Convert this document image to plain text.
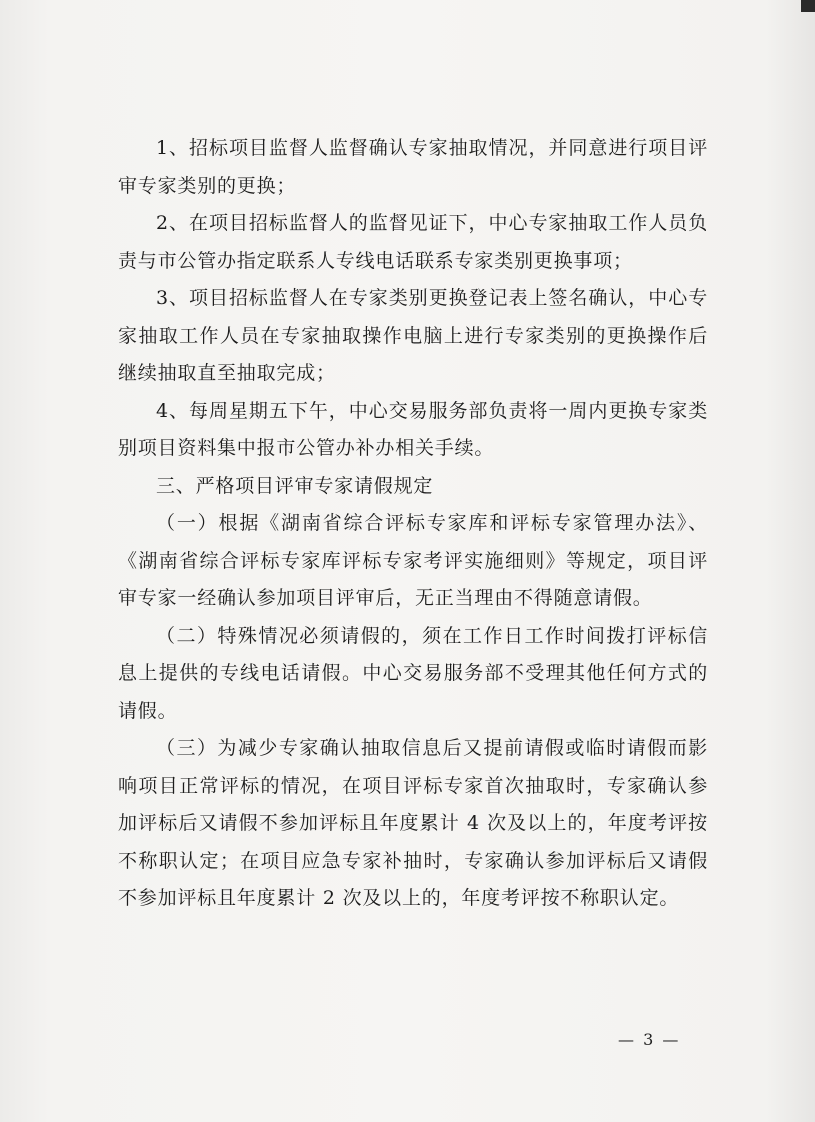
1、招标项目监督人监督确认专家抽取情况，并同意进行项目评审专家类别的更换；

2、在项目招标监督人的监督见证下，中心专家抽取工作人员负责与市公管办指定联系人专线电话联系专家类别更换事项；

3、项目招标监督人在专家类别更换登记表上签名确认，中心专家抽取工作人员在专家抽取操作电脑上进行专家类别的更换操作后继续抽取直至抽取完成；

4、每周星期五下午，中心交易服务部负责将一周内更换专家类别项目资料集中报市公管办补办相关手续。

三、严格项目评审专家请假规定

（一）根据《湖南省综合评标专家库和评标专家管理办法》、《湖南省综合评标专家库评标专家考评实施细则》等规定，项目评审专家一经确认参加项目评审后，无正当理由不得随意请假。

（二）特殊情况必须请假的，须在工作日工作时间拨打评标信息上提供的专线电话请假。中心交易服务部不受理其他任何方式的请假。

（三）为减少专家确认抽取信息后又提前请假或临时请假而影响项目正常评标的情况，在项目评标专家首次抽取时，专家确认参加评标后又请假不参加评标且年度累计 4 次及以上的，年度考评按不称职认定；在项目应急专家补抽时，专家确认参加评标后又请假不参加评标且年度累计 2 次及以上的，年度考评按不称职认定。

— 3 —
